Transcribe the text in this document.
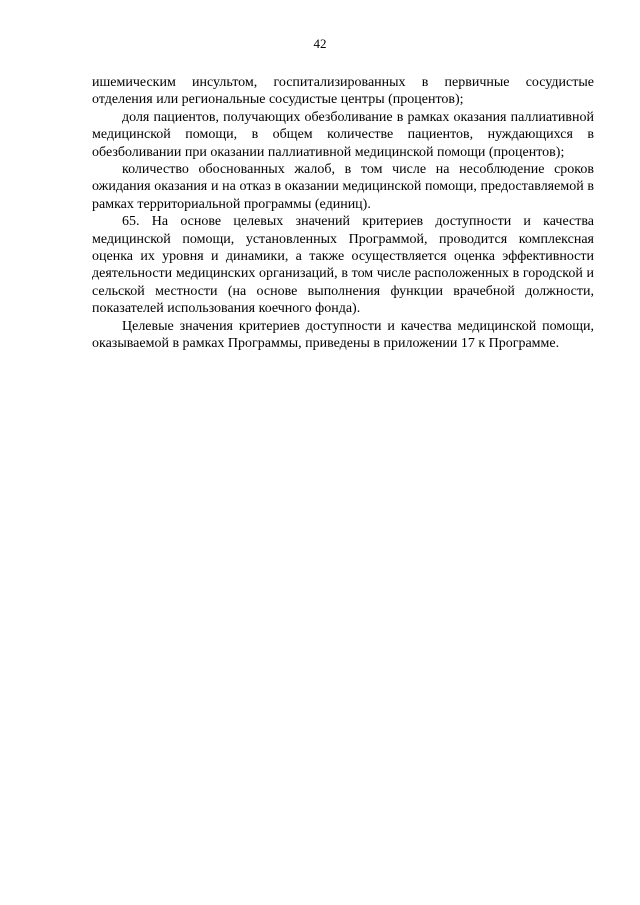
42

ишемическим инсультом, госпитализированных в первичные сосудистые отделения или региональные сосудистые центры (процентов);

доля пациентов, получающих обезболивание в рамках оказания паллиативной медицинской помощи, в общем количестве пациентов, нуждающихся в обезболивании при оказании паллиативной медицинской помощи (процентов);

количество обоснованных жалоб, в том числе на несоблюдение сроков ожидания оказания и на отказ в оказании медицинской помощи, предоставляемой в рамках территориальной программы (единиц).

65. На основе целевых значений критериев доступности и качества медицинской помощи, установленных Программой, проводится комплексная оценка их уровня и динамики, а также осуществляется оценка эффективности деятельности медицинских организаций, в том числе расположенных в городской и сельской местности (на основе выполнения функции врачебной должности, показателей использования коечного фонда).

Целевые значения критериев доступности и качества медицинской помощи, оказываемой в рамках Программы, приведены в приложении 17 к Программе.
